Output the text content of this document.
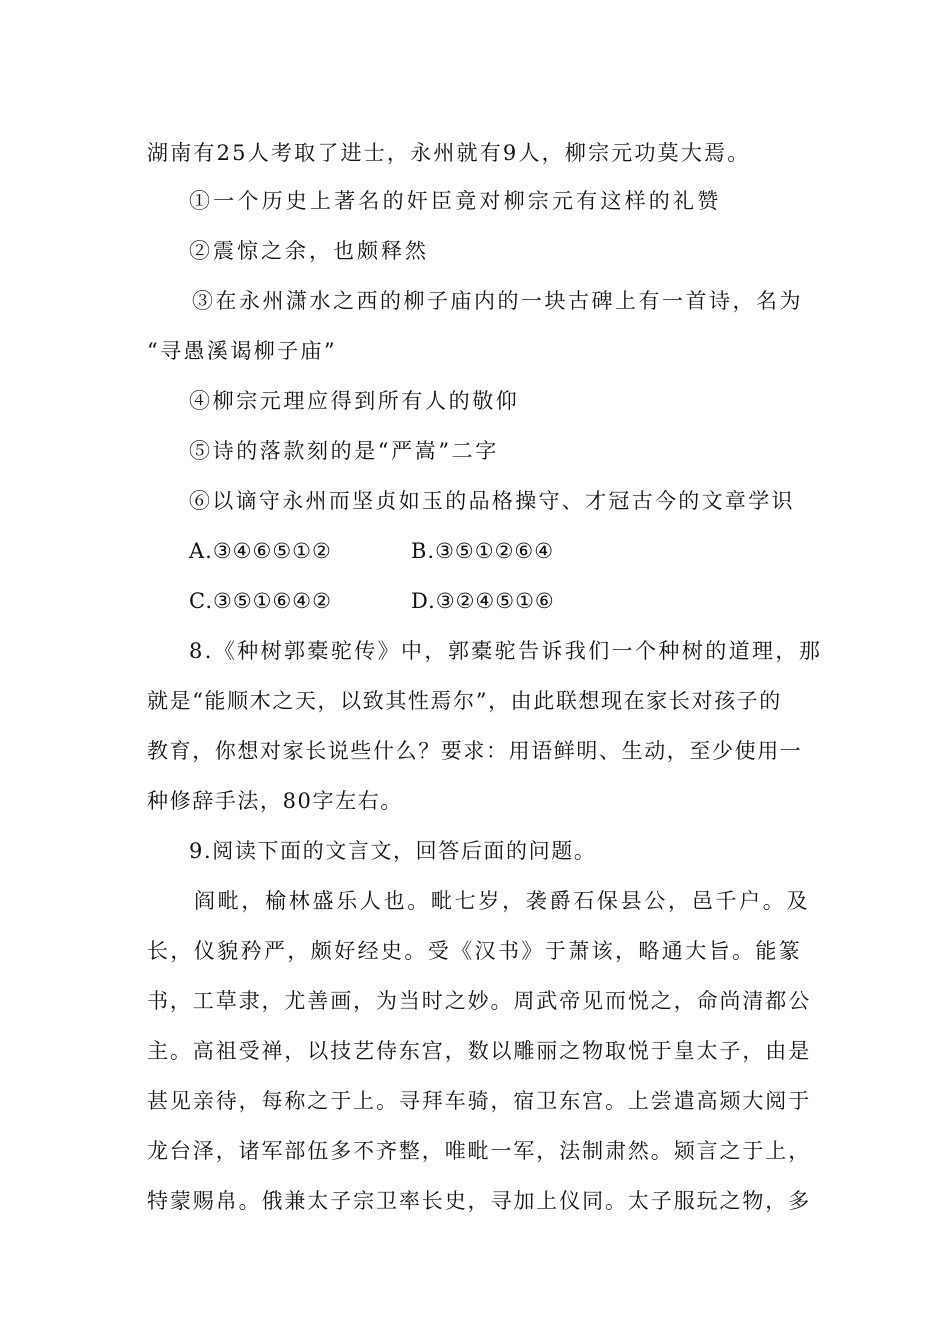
湖南有25人考取了进士，永州就有9人，柳宗元功莫大焉。
①一个历史上著名的奸臣竟对柳宗元有这样的礼赞
②震惊之余，也颇释然
③在永州潇水之西的柳子庙内的一块古碑上有一首诗，名为
“寻愚溪谒柳子庙”
④柳宗元理应得到所有人的敬仰
⑤诗的落款刻的是“严嵩”二字
⑥以谪守永州而坚贞如玉的品格操守、才冠古今的文章学识
A.③④⑥⑤①②	B.③⑤①②⑥④
C.③⑤①⑥④②	D.③②④⑤①⑥
8.《种树郭橐驼传》中，郭橐驼告诉我们一个种树的道理，那
就是“能顺木之天，以致其性焉尔”，由此联想现在家长对孩子的
教育，你想对家长说些什么？要求：用语鲜明、生动，至少使用一
种修辞手法，80字左右。
9.阅读下面的文言文，回答后面的问题。
阎毗，榆林盛乐人也。毗七岁，袭爵石保县公，邑千户。及
长，仪貌矜严，颇好经史。受《汉书》于萧该，略通大旨。能篆
书，工草隶，尤善画，为当时之妙。周武帝见而悦之，命尚清都公
主。高祖受禅，以技艺侍东宫，数以雕丽之物取悦于皇太子，由是
甚见亲待，每称之于上。寻拜车骑，宿卫东宫。上尝遣高颎大阅于
龙台泽，诸军部伍多不齐整，唯毗一军，法制肃然。颎言之于上，
特蒙赐帛。俄兼太子宗卫率长史，寻加上仪同。太子服玩之物，多
